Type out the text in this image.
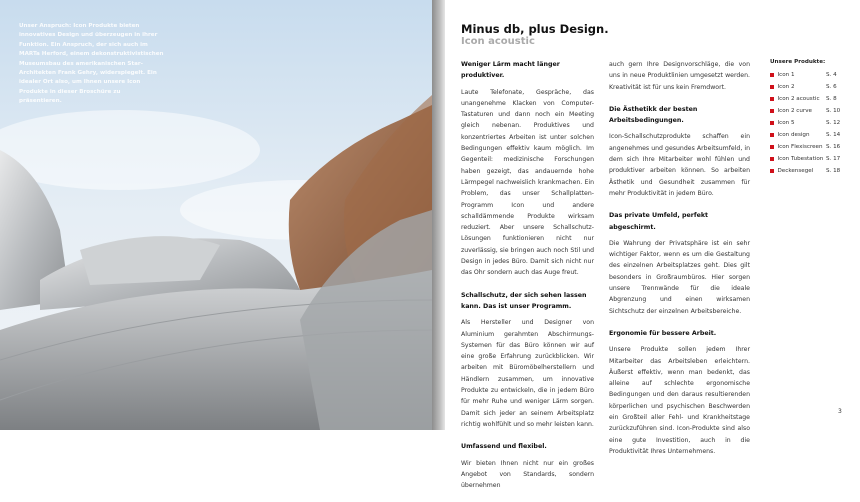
Unser Anspruch: Icon Produkte bieten innovatives Design und überzeugen in ihrer Funktion. Ein Anspruch, der sich auch im MARTa Herford, einem dekonstruktivistischen Museumsbau des amerikanischen Star-Architekten Frank Gehry, widerspiegelt. Ein idealer Ort also, um Ihnen unsere Icon Produkte in dieser Broschüre zu präsentieren.
Minus db, plus Design.
Icon acoustic
Weniger Lärm macht länger produktiver.

Laute Telefonate, Gespräche, das unangenehme Klacken von Computer-Tastaturen und dann noch ein Meeting gleich nebenan. Produktives und konzentriertes Arbeiten ist unter solchen Bedingungen effektiv kaum möglich. Im Gegenteil: medizinische Forschungen haben gezeigt, das andauernde hohe Lärmpegel nachweislich krankmachen. Ein Problem, das unser Schallplatten-Programm Icon und andere schalldämmende Produkte wirksam reduziert. Aber unsere Schallschutz-Lösungen funktionieren nicht nur zuverlässig, sie bringen auch noch Stil und Design in jedes Büro. Damit sich nicht nur das Ohr sondern auch das Auge freut.

Schallschutz, der sich sehen lassen kann. Das ist unser Programm.

Als Hersteller und Designer von Aluminium gerahmten Abschirmungs-Systemen für das Büro können wir auf eine große Erfahrung zurückblicken. Wir arbeiten mit Büromöbelherstellern und Händlern zusammen, um innovative Produkte zu entwickeln, die in jedem Büro für mehr Ruhe und weniger Lärm sorgen. Damit sich jeder an seinem Arbeitsplatz richtig wohlfühlt und so mehr leisten kann.

Umfassend und flexibel.

Wir bieten Ihnen nicht nur ein großes Angebot von Standards, sondern übernehmen

auch gern Ihre Designvorschläge, die von uns in neue Produktlinien umgesetzt werden. Kreativität ist für uns kein Fremdwort.

Die Ästhetikk der besten Arbeitsbedingungen.

Icon-Schallschutzprodukte schaffen ein angenehmes und gesundes Arbeitsumfeld, in dem sich Ihre Mitarbeiter wohl fühlen und produktiver arbeiten können. So arbeiten Ästhetik und Gesundheit zusammen für mehr Produktivität in jedem Büro.

Das private Umfeld, perfekt abgeschirmt.

Die Wahrung der Privatsphäre ist ein sehr wichtiger Faktor, wenn es um die Gestaltung des einzelnen Arbeitsplatzes geht. Dies gilt besonders in Großraumbüros. Hier sorgen unsere Trennwände für die ideale Abgrenzung und einen wirksamen Sichtschutz der einzelnen Arbeitsbereiche.

Ergonomie für bessere Arbeit.

Unsere Produkte sollen jedem Ihrer Mitarbeiter das Arbeitsleben erleichtern. Äußerst effektiv, wenn man bedenkt, das alleine auf schlechte ergonomische Bedingungen und den daraus resultierenden körperlichen und psychischen Beschwerden ein Großteil aller Fehl- und Krankheitstage zurückzuführen sind. Icon-Produkte sind also eine gute Investition, auch in die Produktivität Ihres Unternehmens.

Unsere Produkte:
Icon 1	S. 4
Icon 2	S. 6
Icon 2 acoustic	S. 8
Icon 2 curve	S. 10
Icon 5	S. 12
Icon design	S. 14
Icon Flexiscreen S. 16
Icon Tubestation S. 17
Deckensegel	S. 18
3
